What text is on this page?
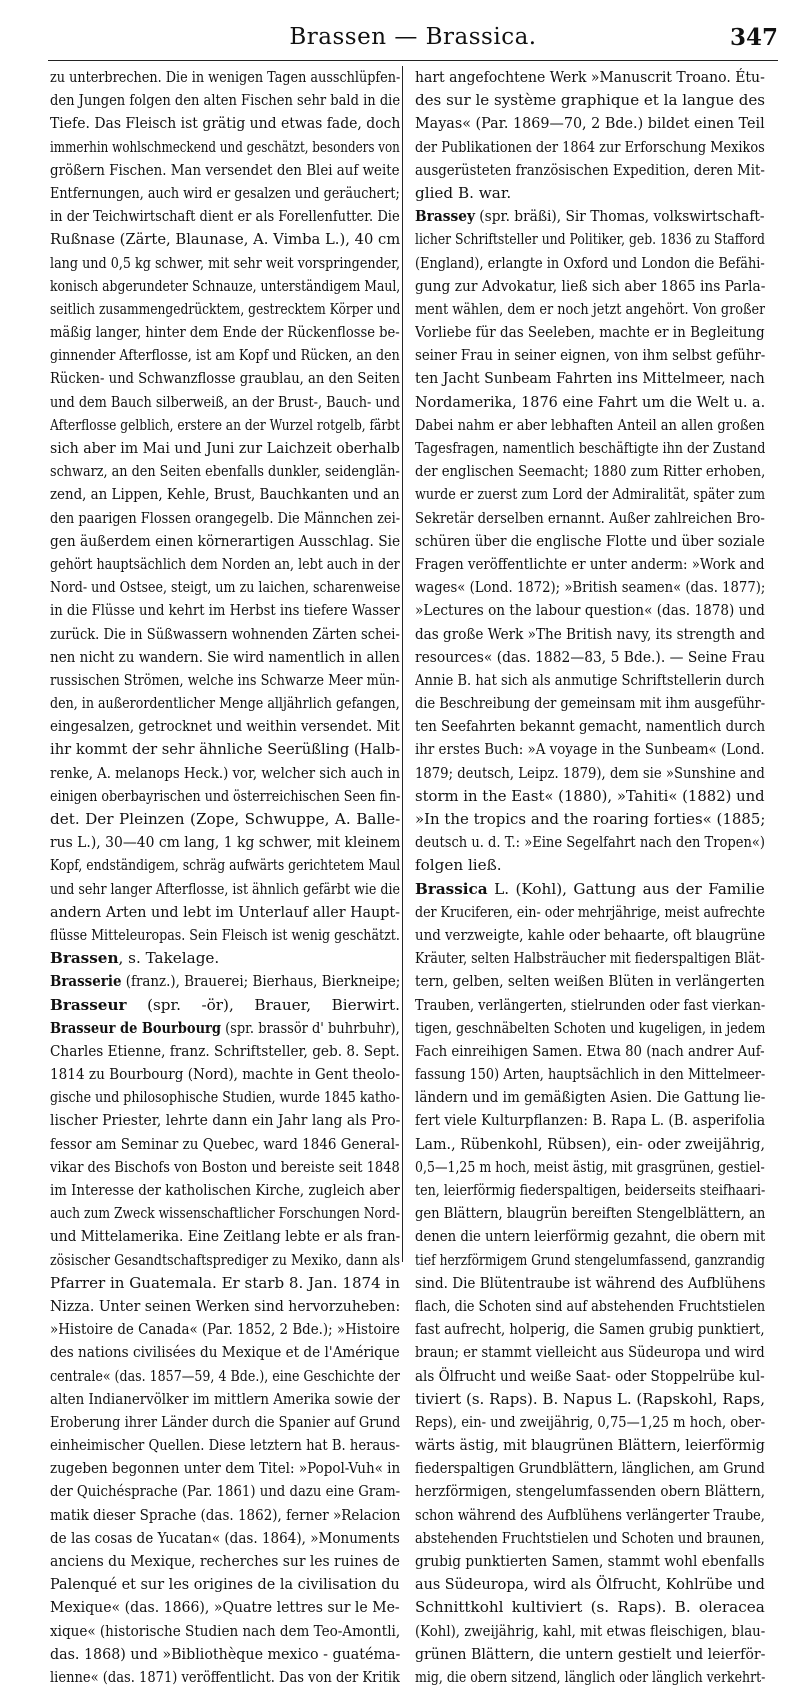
Brassen — Brassica.	347
zu unterbrechen. Die in wenigen Tagen ausschlüpfen-
den Jungen folgen den alten Fischen sehr bald in die
Tiefe. Das Fleisch ist grätig und etwas fade, doch
immerhin wohlschmeckend und geschätzt, besonders von
größern Fischen. Man versendet den Blei auf weite
Entfernungen, auch wird er gesalzen und geräuchert;
in der Teichwirtschaft dient er als Forellenfutter. Die
Rußnase (Zärte, Blaunase, A. Vimba L.), 40 cm
lang und 0,5 kg schwer, mit sehr weit vorspringender,
konisch abgerundeter Schnauze, unterständigem Maul,
seitlich zusammengedrücktem, gestrecktem Körper und
mäßig langer, hinter dem Ende der Rückenflosse be-
ginnender Afterflosse, ist am Kopf und Rücken, an den
Rücken- und Schwanzflosse graublau, an den Seiten
und dem Bauch silberweiß, an der Brust-, Bauch- und
Afterflosse gelblich, erstere an der Wurzel rotgelb, färbt
sich aber im Mai und Juni zur Laichzeit oberhalb
schwarz, an den Seiten ebenfalls dunkler, seidenglän-
zend, an Lippen, Kehle, Brust, Bauchkanten und an
den paarigen Flossen orangegelb. Die Männchen zei-
gen äußerdem einen körnerartigen Ausschlag. Sie
gehört hauptsächlich dem Norden an, lebt auch in der
Nord- und Ostsee, steigt, um zu laichen, scharenweise
in die Flüsse und kehrt im Herbst ins tiefere Wasser
zurück. Die in Süßwassern wohnenden Zärten schei-
nen nicht zu wandern. Sie wird namentlich in allen
russischen Strömen, welche ins Schwarze Meer mün-
den, in außerordentlicher Menge alljährlich gefangen,
eingesalzen, getrocknet und weithin versendet. Mit
ihr kommt der sehr ähnliche Seerüßling (Halb-
renke, A. melanops Heck.) vor, welcher sich auch in
einigen oberbayrischen und österreichischen Seen fin-
det. Der Pleinzen (Zope, Schwuppe, A. Balle-
rus L.), 30—40 cm lang, 1 kg schwer, mit kleinem
Kopf, endständigem, schräg aufwärts gerichtetem Maul
und sehr langer Afterflosse, ist ähnlich gefärbt wie die
andern Arten und lebt im Unterlauf aller Haupt-
flüsse Mitteleuropas. Sein Fleisch ist wenig geschätzt.
Brassen, s. Takelage.
Brasserie (franz.), Brauerei; Bierhaus, Bierkneipe;
Brasseur (spr. -ör), Brauer, Bierwirt.
Brasseur de Bourbourg (spr. brassör d' buhrbuhr),
Charles Etienne, franz. Schriftsteller, geb. 8. Sept.
1814 zu Bourbourg (Nord), machte in Gent theolo-
gische und philosophische Studien, wurde 1845 katho-
lischer Priester, lehrte dann ein Jahr lang als Pro-
fessor am Seminar zu Quebec, ward 1846 General-
vikar des Bischofs von Boston und bereiste seit 1848
im Interesse der katholischen Kirche, zugleich aber
auch zum Zweck wissenschaftlicher Forschungen Nord-
und Mittelamerika. Eine Zeitlang lebte er als fran-
zösischer Gesandtschaftsprediger zu Mexiko, dann als
Pfarrer in Guatemala. Er starb 8. Jan. 1874 in
Nizza. Unter seinen Werken sind hervorzuheben:
»Histoire de Canada« (Par. 1852, 2 Bde.); »Histoire
des nations civilisées du Mexique et de l'Amérique
centrale« (das. 1857—59, 4 Bde.), eine Geschichte der
alten Indianervölker im mittlern Amerika sowie der
Eroberung ihrer Länder durch die Spanier auf Grund
einheimischer Quellen. Diese letztern hat B. heraus-
zugeben begonnen unter dem Titel: »Popol-Vuh« in
der Quichésprache (Par. 1861) und dazu eine Gram-
matik dieser Sprache (das. 1862), ferner »Relacion
de las cosas de Yucatan« (das. 1864), »Monuments
anciens du Mexique, recherches sur les ruines de
Palenqué et sur les origines de la civilisation du
Mexique« (das. 1866), »Quatre lettres sur le Me-
xique« (historische Studien nach dem Teo-Amontli,
das. 1868) und »Bibliothèque mexico - guatéma-
lienne« (das. 1871) veröffentlicht. Das von der Kritik
hart angefochtene Werk »Manuscrit Troano. Étu-
des sur le système graphique et la langue des
Mayas« (Par. 1869—70, 2 Bde.) bildet einen Teil
der Publikationen der 1864 zur Erforschung Mexikos
ausgerüsteten französischen Expedition, deren Mit-
glied B. war.
Brassey (spr. bräßi), Sir Thomas, volkswirtschaft-
licher Schriftsteller und Politiker, geb. 1836 zu Stafford
(England), erlangte in Oxford und London die Befähi-
gung zur Advokatur, ließ sich aber 1865 ins Parla-
ment wählen, dem er noch jetzt angehört. Von großer
Vorliebe für das Seeleben, machte er in Begleitung
seiner Frau in seiner eignen, von ihm selbst geführ-
ten Jacht Sunbeam Fahrten ins Mittelmeer, nach
Nordamerika, 1876 eine Fahrt um die Welt u. a.
Dabei nahm er aber lebhaften Anteil an allen großen
Tagesfragen, namentlich beschäftigte ihn der Zustand
der englischen Seemacht; 1880 zum Ritter erhoben,
wurde er zuerst zum Lord der Admiralität, später zum
Sekretär derselben ernannt. Außer zahlreichen Bro-
schüren über die englische Flotte und über soziale
Fragen veröffentlichte er unter anderm: »Work and
wages« (Lond. 1872); »British seamen« (das. 1877);
»Lectures on the labour question« (das. 1878) und
das große Werk »The British navy, its strength and
resources« (das. 1882—83, 5 Bde.). — Seine Frau
Annie B. hat sich als anmutige Schriftstellerin durch
die Beschreibung der gemeinsam mit ihm ausgeführ-
ten Seefahrten bekannt gemacht, namentlich durch
ihr erstes Buch: »A voyage in the Sunbeam« (Lond.
1879; deutsch, Leipz. 1879), dem sie »Sunshine and
storm in the East« (1880), »Tahiti« (1882) und
»In the tropics and the roaring forties« (1885;
deutsch u. d. T.: »Eine Segelfahrt nach den Tropen«)
folgen ließ.
Brassica L. (Kohl), Gattung aus der Familie
der Kruciferen, ein- oder mehrjährige, meist aufrechte
und verzweigte, kahle oder behaarte, oft blaugrüne
Kräuter, selten Halbsträucher mit fiederspaltigen Blät-
tern, gelben, selten weißen Blüten in verlängerten
Trauben, verlängerten, stielrunden oder fast vierkan-
tigen, geschnäbelten Schoten und kugeligen, in jedem
Fach einreihigen Samen. Etwa 80 (nach andrer Auf-
fassung 150) Arten, hauptsächlich in den Mittelmeer-
ländern und im gemäßigten Asien. Die Gattung lie-
fert viele Kulturpflanzen: B. Rapa L. (B. asperifolia
Lam., Rübenkohl, Rübsen), ein- oder zweijährig,
0,5—1,25 m hoch, meist ästig, mit grasgrünen, gestiel-
ten, leierförmig fiederspaltigen, beiderseits steifhaari-
gen Blättern, blaugrün bereiften Stengelblättern, an
denen die untern leierförmig gezahnt, die obern mit
tief herzförmigem Grund stengelumfassend, ganzrandig
sind. Die Blütentraube ist während des Aufblühens
flach, die Schoten sind auf abstehenden Fruchtstielen
fast aufrecht, holperig, die Samen grubig punktiert,
braun; er stammt vielleicht aus Südeuropa und wird
als Ölfrucht und weiße Saat- oder Stoppelrübe kul-
tiviert (s. Raps). B. Napus L. (Rapskohl, Raps,
Reps), ein- und zweijährig, 0,75—1,25 m hoch, ober-
wärts ästig, mit blaugrünen Blättern, leierförmig
fiederspaltigen Grundblättern, länglichen, am Grund
herzförmigen, stengelumfassenden obern Blättern,
schon während des Aufblühens verlängerter Traube,
abstehenden Fruchtstielen und Schoten und braunen,
grubig punktierten Samen, stammt wohl ebenfalls
aus Südeuropa, wird als Ölfrucht, Kohlrübe und
Schnittkohl kultiviert (s. Raps). B. oleracea
(Kohl), zweijährig, kahl, mit etwas fleischigen, blau-
grünen Blättern, die untern gestielt und leierför-
mig, die obern sitzend, länglich oder länglich verkehrt-
